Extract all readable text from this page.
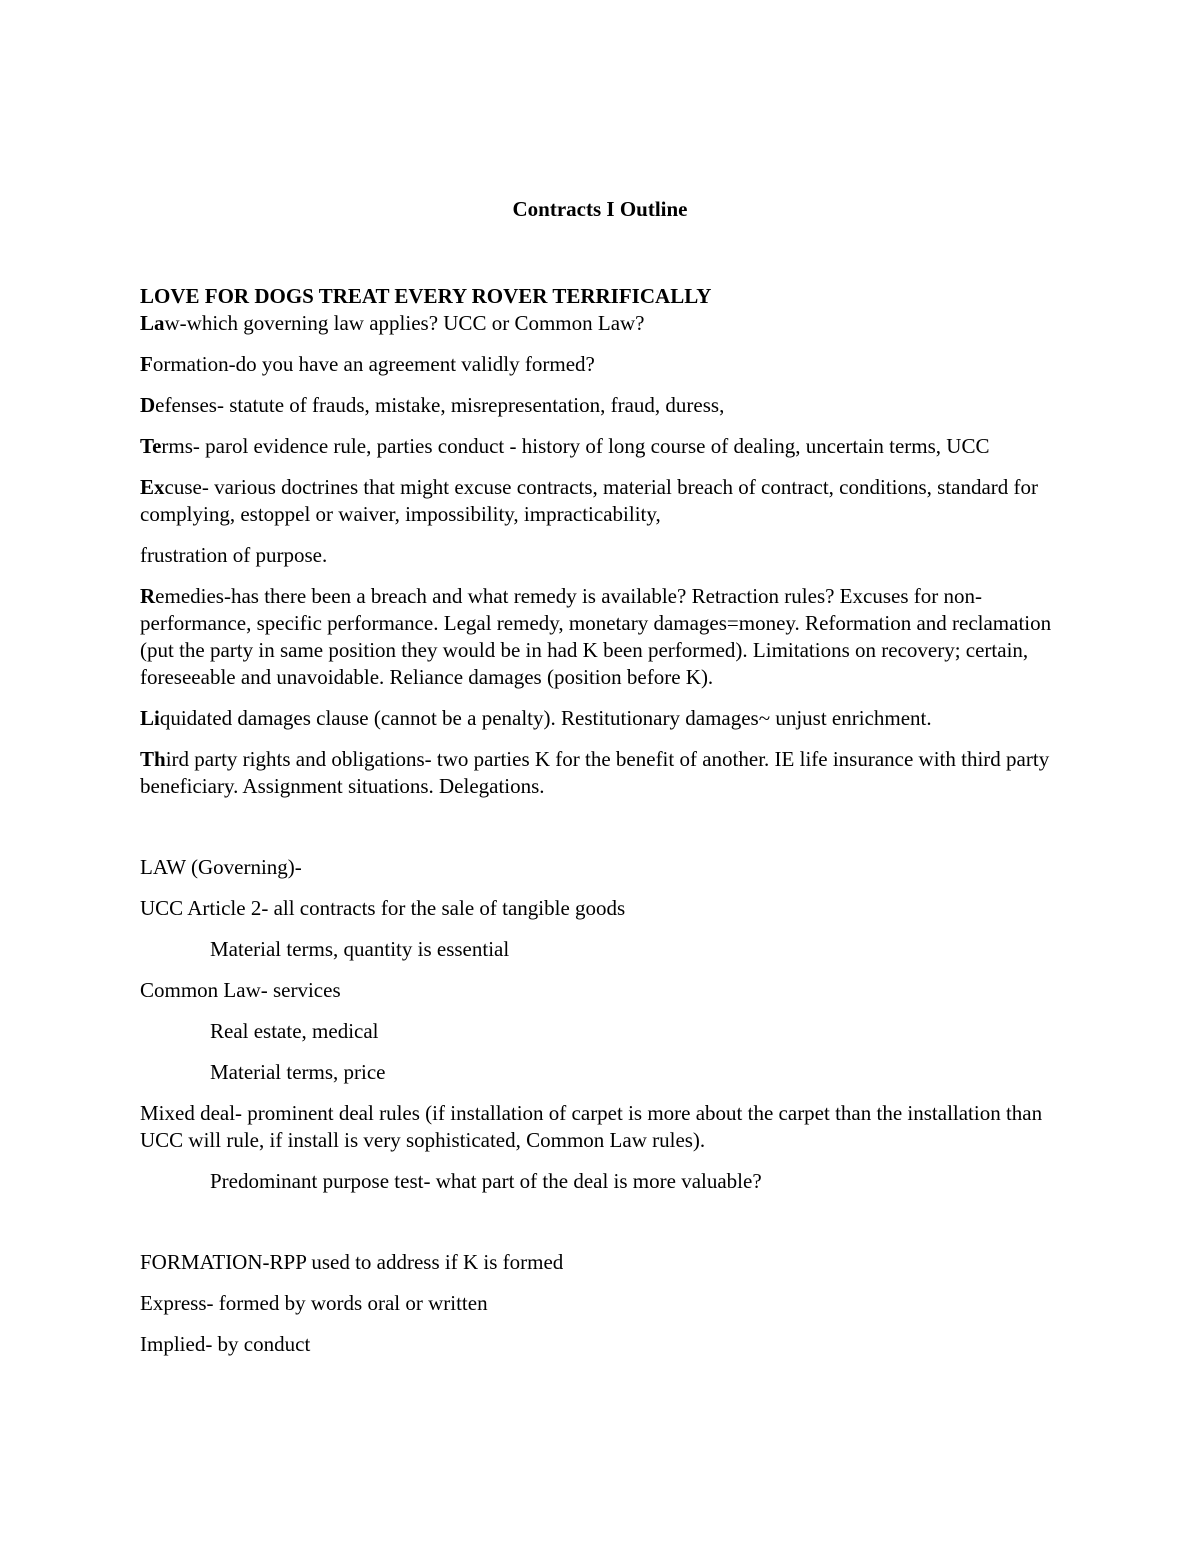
Contracts I Outline
LOVE FOR DOGS TREAT EVERY ROVER TERRIFICALLY

Law-which governing law applies? UCC or Common Law?

Formation-do you have an agreement validly formed?

Defenses- statute of frauds, mistake, misrepresentation, fraud, duress,

Terms- parol evidence rule, parties conduct - history of long course of dealing, uncertain terms, UCC

Excuse- various doctrines that might excuse contracts, material breach of contract, conditions, standard for complying, estoppel or waiver, impossibility, impracticability,

frustration of purpose.

Remedies-has there been a breach and what remedy is available? Retraction rules? Excuses for non-performance, specific performance. Legal remedy, monetary damages=money. Reformation and reclamation (put the party in same position they would be in had K been performed). Limitations on recovery; certain, foreseeable and unavoidable. Reliance damages (position before K).

Liquidated damages clause (cannot be a penalty). Restitutionary damages~ unjust enrichment.

Third party rights and obligations- two parties K for the benefit of another. IE life insurance with third party beneficiary. Assignment situations. Delegations.

LAW (Governing)-

UCC Article 2- all contracts for the sale of tangible goods

Material terms, quantity is essential

Common Law- services

Real estate, medical

Material terms, price

Mixed deal- prominent deal rules (if installation of carpet is more about the carpet than the installation than UCC will rule, if install is very sophisticated, Common Law rules).

Predominant purpose test- what part of the deal is more valuable?

FORMATION-RPP used to address if K is formed

Express- formed by words oral or written

Implied- by conduct
